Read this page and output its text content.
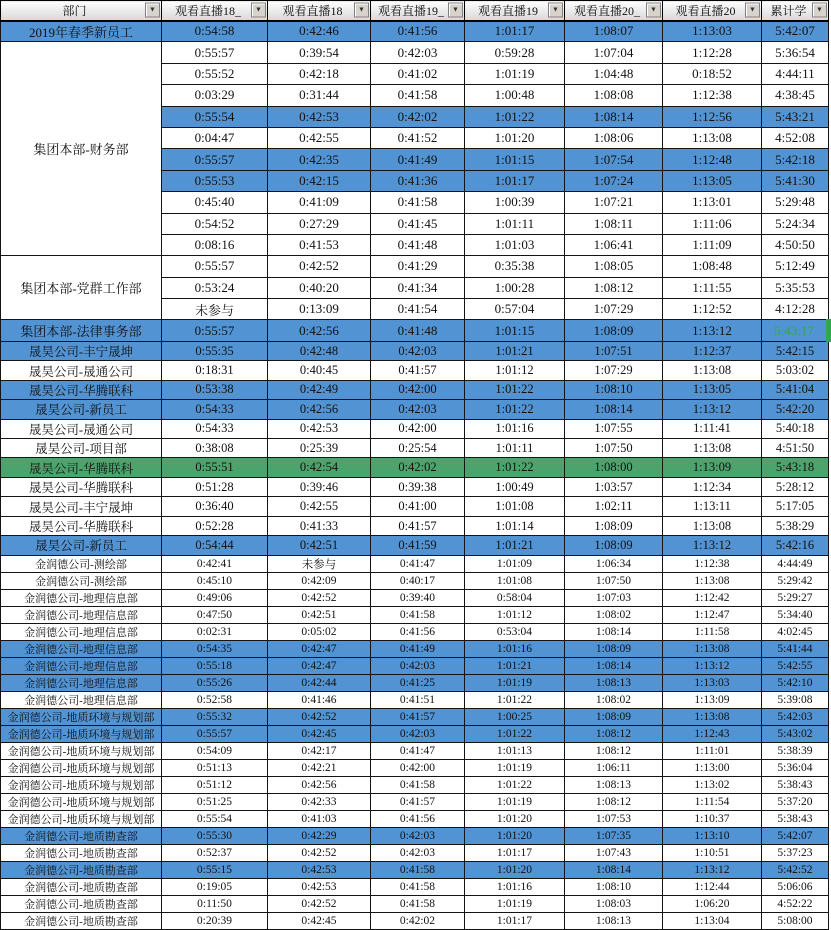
部门 ▼	观看直播18_ ▼	观看直播18 ▼	观看直播19_ ▼	观看直播19 ▼	观看直播20_ ▼	观看直播20 ▼	累计学 ▼

2019年春季新员工	0:54:58	0:42:46	0:41:56	1:01:17	1:08:07	1:13:03	5:42:07
集团本部-财务部	0:55:57	0:39:54	0:42:03	0:59:28	1:07:04	1:12:28	5:36:54
	0:55:52	0:42:18	0:41:02	1:01:19	1:04:48	0:18:52	4:44:11
	0:03:29	0:31:44	0:41:58	1:00:48	1:08:08	1:12:38	4:38:45
	0:55:54	0:42:53	0:42:02	1:01:22	1:08:14	1:12:56	5:43:21
	0:04:47	0:42:55	0:41:52	1:01:20	1:08:06	1:13:08	4:52:08
	0:55:57	0:42:35	0:41:49	1:01:15	1:07:54	1:12:48	5:42:18
	0:55:53	0:42:15	0:41:36	1:01:17	1:07:24	1:13:05	5:41:30
	0:45:40	0:41:09	0:41:58	1:00:39	1:07:21	1:13:01	5:29:48
	0:54:52	0:27:29	0:41:45	1:01:11	1:08:11	1:11:06	5:24:34
	0:08:16	0:41:53	0:41:48	1:01:03	1:06:41	1:11:09	4:50:50
集团本部-党群工作部	0:55:57	0:42:52	0:41:29	0:35:38	1:08:05	1:08:48	5:12:49
	0:53:24	0:40:20	0:41:34	1:00:28	1:08:12	1:11:55	5:35:53
	未参与	0:13:09	0:41:54	0:57:04	1:07:29	1:12:52	4:12:28
集团本部-法律事务部	0:55:57	0:42:56	0:41:48	1:01:15	1:08:09	1:13:12	5:43:17
晟昊公司-丰宁晟坤	0:55:35	0:42:48	0:42:03	1:01:21	1:07:51	1:12:37	5:42:15
晟昊公司-晟通公司	0:18:31	0:40:45	0:41:57	1:01:12	1:07:29	1:13:08	5:03:02
晟昊公司-华腾联科	0:53:38	0:42:49	0:42:00	1:01:22	1:08:10	1:13:05	5:41:04
晟昊公司-新员工	0:54:33	0:42:56	0:42:03	1:01:22	1:08:14	1:13:12	5:42:20
晟昊公司-晟通公司	0:54:33	0:42:53	0:42:00	1:01:16	1:07:55	1:11:41	5:40:18
晟昊公司-项目部	0:38:08	0:25:39	0:25:54	1:01:11	1:07:50	1:13:08	4:51:50
晟昊公司-华腾联科	0:55:51	0:42:54	0:42:02	1:01:22	1:08:00	1:13:09	5:43:18
晟昊公司-华腾联科	0:51:28	0:39:46	0:39:38	1:00:49	1:03:57	1:12:34	5:28:12
晟昊公司-丰宁晟坤	0:36:40	0:42:55	0:41:00	1:01:08	1:02:11	1:13:11	5:17:05
晟昊公司-华腾联科	0:52:28	0:41:33	0:41:57	1:01:14	1:08:09	1:13:08	5:38:29
晟昊公司-新员工	0:54:44	0:42:51	0:41:59	1:01:21	1:08:09	1:13:12	5:42:16
金润德公司-测绘部	0:42:41	未参与	0:41:47	1:01:09	1:06:34	1:12:38	4:44:49
金润德公司-测绘部	0:45:10	0:42:09	0:40:17	1:01:08	1:07:50	1:13:08	5:29:42
金润德公司-地理信息部	0:49:06	0:42:52	0:39:40	0:58:04	1:07:03	1:12:42	5:29:27
金润德公司-地理信息部	0:47:50	0:42:51	0:41:58	1:01:12	1:08:02	1:12:47	5:34:40
金润德公司-地理信息部	0:02:31	0:05:02	0:41:56	0:53:04	1:08:14	1:11:58	4:02:45
金润德公司-地理信息部	0:54:35	0:42:47	0:41:49	1:01:16	1:08:09	1:13:08	5:41:44
金润德公司-地理信息部	0:55:18	0:42:47	0:42:03	1:01:21	1:08:14	1:13:12	5:42:55
金润德公司-地理信息部	0:55:26	0:42:44	0:41:25	1:01:19	1:08:13	1:13:03	5:42:10
金润德公司-地理信息部	0:52:58	0:41:46	0:41:51	1:01:22	1:08:02	1:13:09	5:39:08
金润德公司-地质环境与规划部	0:55:32	0:42:52	0:41:57	1:00:25	1:08:09	1:13:08	5:42:03
金润德公司-地质环境与规划部	0:55:57	0:42:45	0:42:03	1:01:22	1:08:12	1:12:43	5:43:02
金润德公司-地质环境与规划部	0:54:09	0:42:17	0:41:47	1:01:13	1:08:12	1:11:01	5:38:39
金润德公司-地质环境与规划部	0:51:13	0:42:21	0:42:00	1:01:19	1:06:11	1:13:00	5:36:04
金润德公司-地质环境与规划部	0:51:12	0:42:56	0:41:58	1:01:22	1:08:13	1:13:02	5:38:43
金润德公司-地质环境与规划部	0:51:25	0:42:33	0:41:57	1:01:19	1:08:12	1:11:54	5:37:20
金润德公司-地质环境与规划部	0:55:54	0:41:03	0:41:56	1:01:20	1:07:53	1:10:37	5:38:43
金润德公司-地质勘查部	0:55:30	0:42:29	0:42:03	1:01:20	1:07:35	1:13:10	5:42:07
金润德公司-地质勘查部	0:52:37	0:42:52	0:42:03	1:01:17	1:07:43	1:10:51	5:37:23
金润德公司-地质勘查部	0:55:15	0:42:53	0:41:58	1:01:20	1:08:14	1:13:12	5:42:52
金润德公司-地质勘查部	0:19:05	0:42:53	0:41:58	1:01:16	1:08:10	1:12:44	5:06:06
金润德公司-地质勘查部	0:11:50	0:42:52	0:41:58	1:01:19	1:08:03	1:06:20	4:52:22
金润德公司-地质勘查部	0:20:39	0:42:45	0:42:02	1:01:17	1:08:13	1:13:04	5:08:00
